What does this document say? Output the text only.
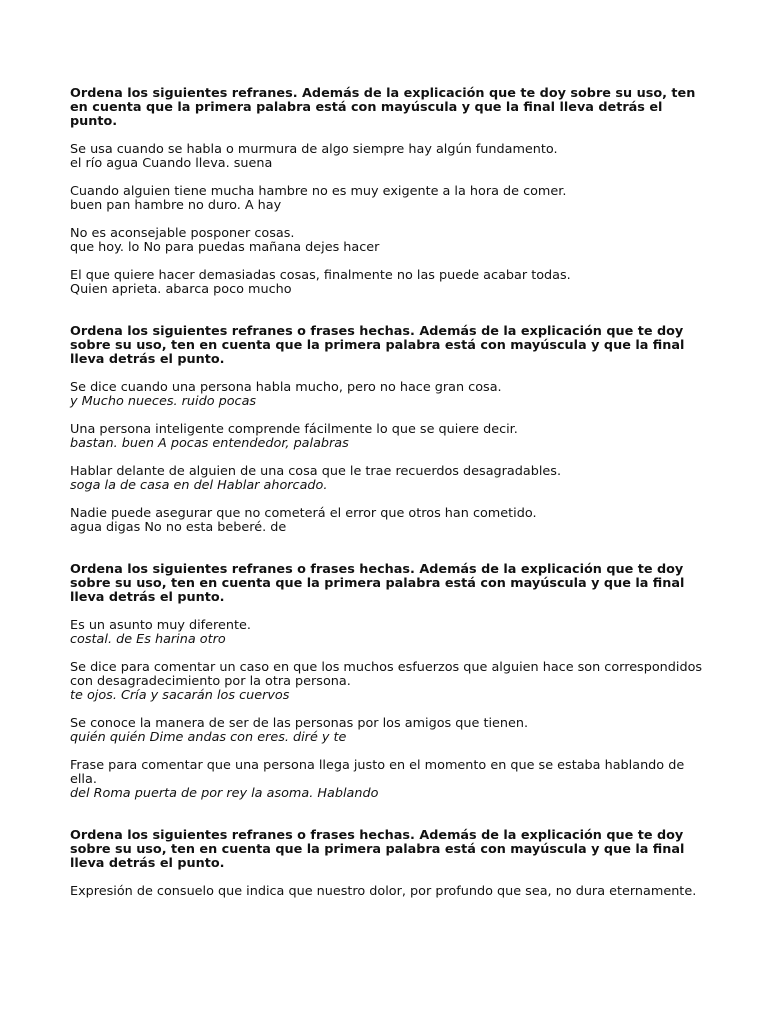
Ordena los siguientes refranes. Además de la explicación que te doy sobre su uso, ten en cuenta que la primera palabra está con mayúscula y que la final lleva detrás el punto.

Se usa cuando se habla o murmura de algo siempre hay algún fundamento.

el río agua Cuando lleva. suena

Cuando alguien tiene mucha hambre no es muy exigente a la hora de comer.

buen pan hambre no duro. A hay

No es aconsejable posponer cosas.

que hoy. lo No para puedas mañana dejes hacer

El que quiere hacer demasiadas cosas, finalmente no las puede acabar todas.

Quien aprieta. abarca poco mucho

Ordena los siguientes refranes o frases hechas. Además de la explicación que te doy sobre su uso, ten en cuenta que la primera palabra está con mayúscula y que la final lleva detrás el punto.

Se dice cuando una persona habla mucho, pero no hace gran cosa.

y Mucho nueces. ruido pocas

Una persona inteligente comprende fácilmente lo que se quiere decir.

bastan. buen A pocas entendedor, palabras

Hablar delante de alguien de una cosa que le trae recuerdos desagradables.

soga la de casa en del Hablar ahorcado.

Nadie puede asegurar que no cometerá el error que otros han cometido.

agua digas No no esta beberé. de

Ordena los siguientes refranes o frases hechas. Además de la explicación que te doy sobre su uso, ten en cuenta que la primera palabra está con mayúscula y que la final lleva detrás el punto.

Es un asunto muy diferente.

costal. de Es harina otro

Se dice para comentar un caso en que los muchos esfuerzos que alguien hace son correspondidos con desagradecimiento por la otra persona.

te ojos. Cría y sacarán los cuervos

Se conoce la manera de ser de las personas por los amigos que tienen.

quién quién Dime andas con eres. diré y te

Frase para comentar que una persona llega justo en el momento en que se estaba hablando de ella.

del Roma puerta de por rey la asoma. Hablando

Ordena los siguientes refranes o frases hechas. Además de la explicación que te doy sobre su uso, ten en cuenta que la primera palabra está con mayúscula y que la final lleva detrás el punto.

Expresión de consuelo que indica que nuestro dolor, por profundo que sea, no dura eternamente.
